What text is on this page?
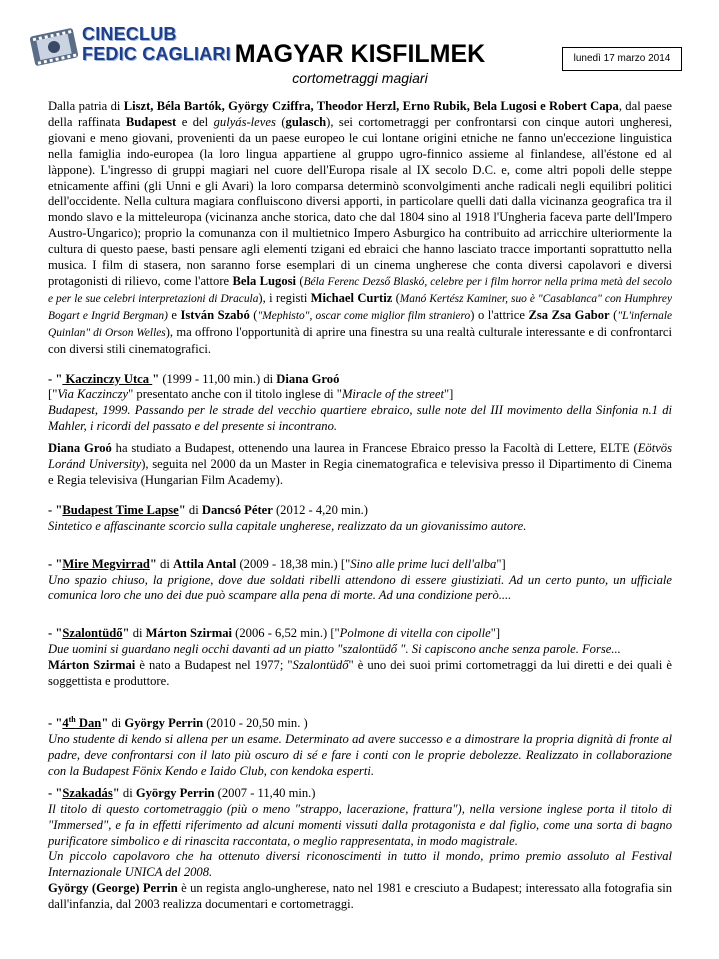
CINECLUB
FEDIC CAGLIARI MAGYAR KISFILMEK
cortometraggi magiari
lunedì 17 marzo 2014

Dalla patria di Liszt, Béla Bartók, György Cziffra, Theodor Herzl, Erno Rubik, Bela Lugosi e Robert Capa, dal paese della raffinata Budapest e del gulyás-leves (gulasch), sei cortometraggi per confrontarsi con cinque autori ungheresi, giovani e meno giovani, provenienti da un paese europeo le cui lontane origini etniche ne fanno un'eccezione linguistica nella famiglia indo-europea (la loro lingua appartiene al gruppo ugro-finnico assieme al finlandese, all'éstone ed al làppone). L'ingresso di gruppi magiari nel cuore dell'Europa risale al IX secolo D.C. e, come altri popoli delle steppe etnicamente affini (gli Unni e gli Avari) la loro comparsa determinò sconvolgimenti anche radicali negli equilibri politici dell'occidente. Nella cultura magiara confluiscono diversi apporti, in particolare quelli dati dalla vicinanza geografica tra il mondo slavo e la mitteleuropa (vicinanza anche storica, dato che dal 1804 sino al 1918 l'Ungheria faceva parte dell'Impero Austro-Ungarico); proprio la comunanza con il multietnico Impero Asburgico ha contribuito ad arricchire ulteriormente la cultura di questo paese, basti pensare agli elementi tzigani ed ebraici che hanno lasciato tracce importanti soprattutto nella musica. I film di stasera, non saranno forse esemplari di un cinema ungherese che conta diversi capolavori e diversi protagonisti di rilievo, come l'attore Bela Lugosi (Béla Ferenc Dezső Blaskó, celebre per i film horror nella prima metà del secolo e per le sue celebri interpretazioni di Dracula), i registi Michael Curtiz (Manó Kertész Kaminer, suo è "Casablanca" con Humphrey Bogart e Ingrid Bergman) e István Szabó ("Mephisto", oscar come miglior film straniero) o l'attrice Zsa Zsa Gabor ("L'infernale Quinlan" di Orson Welles), ma offrono l'opportunità di aprire una finestra su una realtà culturale interessante e di confrontarci con diversi stili cinematografici.

- " Kaczinczy Utca " (1999 - 11,00 min.) di Diana Groó

["Via Kaczinczy" presentato anche con il titolo inglese di "Miracle of the street"]

Budapest, 1999. Passando per le strade del vecchio quartiere ebraico, sulle note del III movimento della Sinfonia n.1 di Mahler, i ricordi del passato e del presente si incontrano.

Diana Groó ha studiato a Budapest, ottenendo una laurea in Francese Ebraico presso la Facoltà di Lettere, ELTE (Eötvös Loránd University), seguita nel 2000 da un Master in Regia cinematografica e televisiva presso il Dipartimento di Cinema e Regia televisiva (Hungarian Film Academy).

- "Budapest Time Lapse" di Dancsó Péter (2012 - 4,20 min.)

Sintetico e affascinante scorcio sulla capitale ungherese, realizzato da un giovanissimo autore.

- "Mire Megvirrad" di Attila Antal (2009 - 18,38 min.) ["Sino alle prime luci dell'alba"]

Uno spazio chiuso, la prigione, dove due soldati ribelli attendono di essere giustiziati. Ad un certo punto, un ufficiale comunica loro che uno dei due può scampare alla pena di morte. Ad una condizione però....

- "Szalontüdő" di Márton Szirmai (2006 - 6,52 min.) ["Polmone di vitella con cipolle"]

Due uomini si guardano negli occhi davanti ad un piatto "szalontüdő ". Si capiscono anche senza parole. Forse...

Márton Szirmai è nato a Budapest nel 1977; "Szalontüdő" è uno dei suoi primi cortometraggi da lui diretti e dei quali è soggettista e produttore.

- "4th Dan" di György Perrin (2010 - 20,50 min. )

Uno studente di kendo si allena per un esame. Determinato ad avere successo e a dimostrare la propria dignità di fronte al padre, deve confrontarsi con il lato più oscuro di sé e fare i conti con le proprie debolezze. Realizzato in collaborazione con la Budapest Fönix Kendo e Iaido Club, con kendoka esperti.

- "Szakadás" di György Perrin (2007 - 11,40 min.)

Il titolo di questo cortometraggio (più o meno "strappo, lacerazione, frattura"), nella versione inglese porta il titolo di "Immersed", e fa in effetti riferimento ad alcuni momenti vissuti dalla protagonista e dal figlio, come una sorta di bagno purificatore simbolico e di rinascita raccontata, o meglio rappresentata, in modo magistrale.

Un piccolo capolavoro che ha ottenuto diversi riconoscimenti in tutto il mondo, primo premio assoluto al Festival Internazionale UNICA del 2008.

György (George) Perrin è un regista anglo-ungherese, nato nel 1981 e cresciuto a Budapest; interessato alla fotografia sin dall'infanzia, dal 2003 realizza documentari e cortometraggi.
